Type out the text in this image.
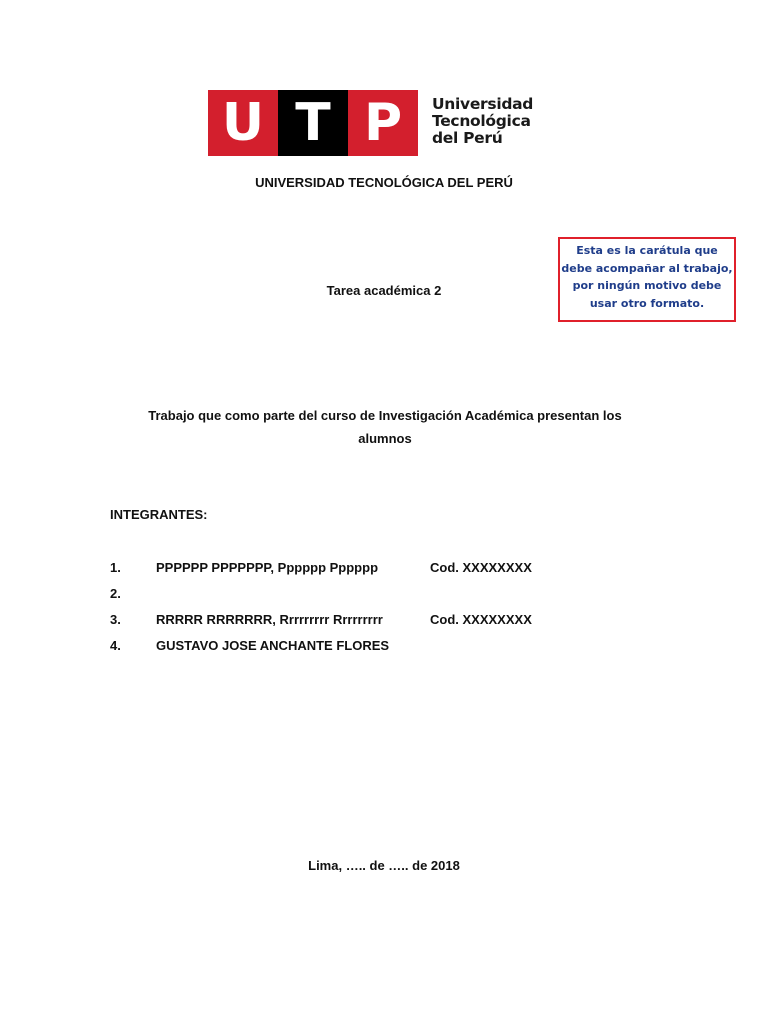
U T P	Universidad
Tecnológica
del Perú
UNIVERSIDAD TECNOLÓGICA DEL PERÚ
Esta es la carátula que
debe acompañar al trabajo,
por ningún motivo debe
usar otro formato.
Tarea académica 2
Trabajo que como parte del curso de Investigación Académica presentan los
alumnos
INTEGRANTES:
1.	PPPPPP PPPPPPP, Pppppp Pppppp	Cod. XXXXXXXX
2.
3.	RRRRR RRRRRRR, Rrrrrrrrr Rrrrrrrrr	Cod. XXXXXXXX
4.	GUSTAVO JOSE ANCHANTE FLORES
Lima, ….. de ….. de 2018
